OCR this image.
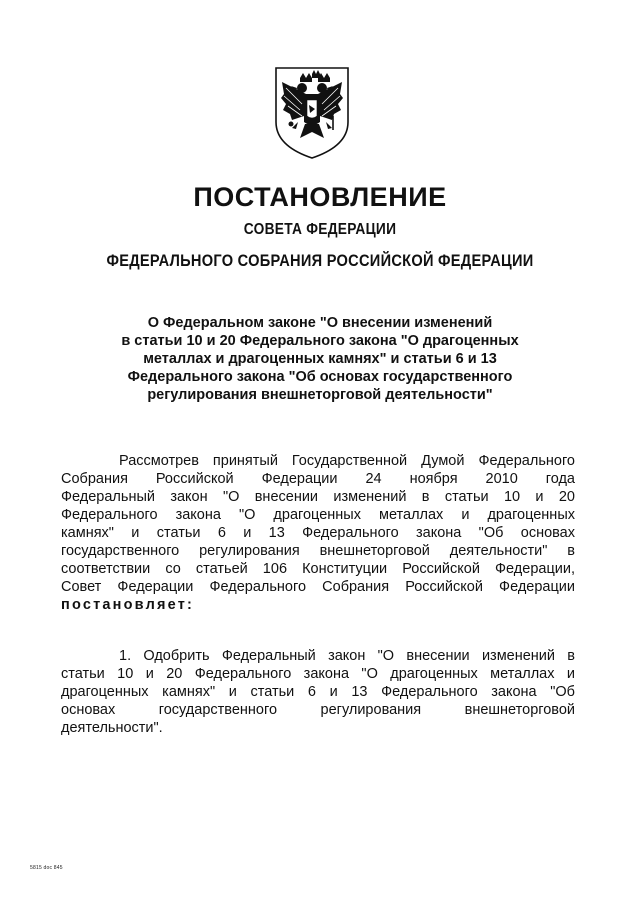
ПОСТАНОВЛЕНИЕ
СОВЕТА ФЕДЕРАЦИИ
ФЕДЕРАЛЬНОГО СОБРАНИЯ РОССИЙСКОЙ ФЕДЕРАЦИИ
О Федеральном законе "О внесении изменений
в статьи 10 и 20 Федерального закона "О драгоценных
металлах и драгоценных камнях" и статьи 6 и 13
Федерального закона "Об основах государственного
регулирования внешнеторговой деятельности"
Рассмотрев принятый Государственной Думой Федерального
Собрания Российской Федерации 24 ноября 2010 года
Федеральный закон "О внесении изменений в статьи 10 и 20
Федерального закона "О драгоценных металлах и драгоценных
камнях" и статьи 6 и 13 Федерального закона "Об основах
государственного регулирования внешнеторговой деятельности" в
соответствии со статьей 106 Конституции Российской Федерации,
Совет Федерации Федерального Собрания Российской Федерации
постановляет:
1. Одобрить Федеральный закон "О внесении изменений в
статьи 10 и 20 Федерального закона "О драгоценных металлах и
драгоценных камнях" и статьи 6 и 13 Федерального закона "Об
основах государственного регулирования внешнеторговой
деятельности".
5815 doc 845
